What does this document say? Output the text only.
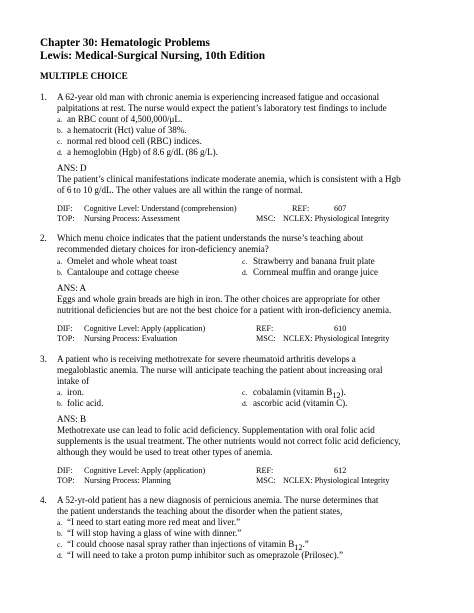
Chapter 30: Hematologic Problems
Lewis: Medical-Surgical Nursing, 10th Edition
MULTIPLE CHOICE
1. A 62-year old man with chronic anemia is experiencing increased fatigue and occasional
palpitations at rest. The nurse would expect the patient’s laboratory test findings to include
a. an RBC count of 4,500,000/μL.
b. a hematocrit (Hct) value of 38%.
c. normal red blood cell (RBC) indices.
d. a hemoglobin (Hgb) of 8.6 g/dL (86 g/L).
ANS: D
The patient’s clinical manifestations indicate moderate anemia, which is consistent with a Hgb
of 6 to 10 g/dL. The other values are all within the range of normal.
DIF: Cognitive Level: Understand (comprehension)	REF:	607
TOP: Nursing Process: Assessment	MSC: NCLEX: Physiological Integrity
2. Which menu choice indicates that the patient understands the nurse’s teaching about
recommended dietary choices for iron-deficiency anemia?
a. Omelet and whole wheat toast	c. Strawberry and banana fruit plate
b. Cantaloupe and cottage cheese	d. Cornmeal muffin and orange juice
ANS: A
Eggs and whole grain breads are high in iron. The other choices are appropriate for other
nutritional deficiencies but are not the best choice for a patient with iron-deficiency anemia.
DIF: Cognitive Level: Apply (application)	REF:	610
TOP: Nursing Process: Evaluation	MSC: NCLEX: Physiological Integrity
3. A patient who is receiving methotrexate for severe rheumatoid arthritis develops a
megaloblastic anemia. The nurse will anticipate teaching the patient about increasing oral
intake of
a. iron.	c. cobalamin (vitamin $B_{12}$).
b. folic acid.	d. ascorbic acid (vitamin C).
ANS: B
Methotrexate use can lead to folic acid deficiency. Supplementation with oral folic acid
supplements is the usual treatment. The other nutrients would not correct folic acid deficiency,
although they would be used to treat other types of anemia.
DIF: Cognitive Level: Apply (application)	REF:	612
TOP: Nursing Process: Planning	MSC: NCLEX: Physiological Integrity
4. A 52-yr-old patient has a new diagnosis of pernicious anemia. The nurse determines that
the patient understands the teaching about the disorder when the patient states,
a. “I need to start eating more red meat and liver.”
b. “I will stop having a glass of wine with dinner.”
c. “I could choose nasal spray rather than injections of vitamin $B_{12}$.”
d. “I will need to take a proton pump inhibitor such as omeprazole (Prilosec).”
